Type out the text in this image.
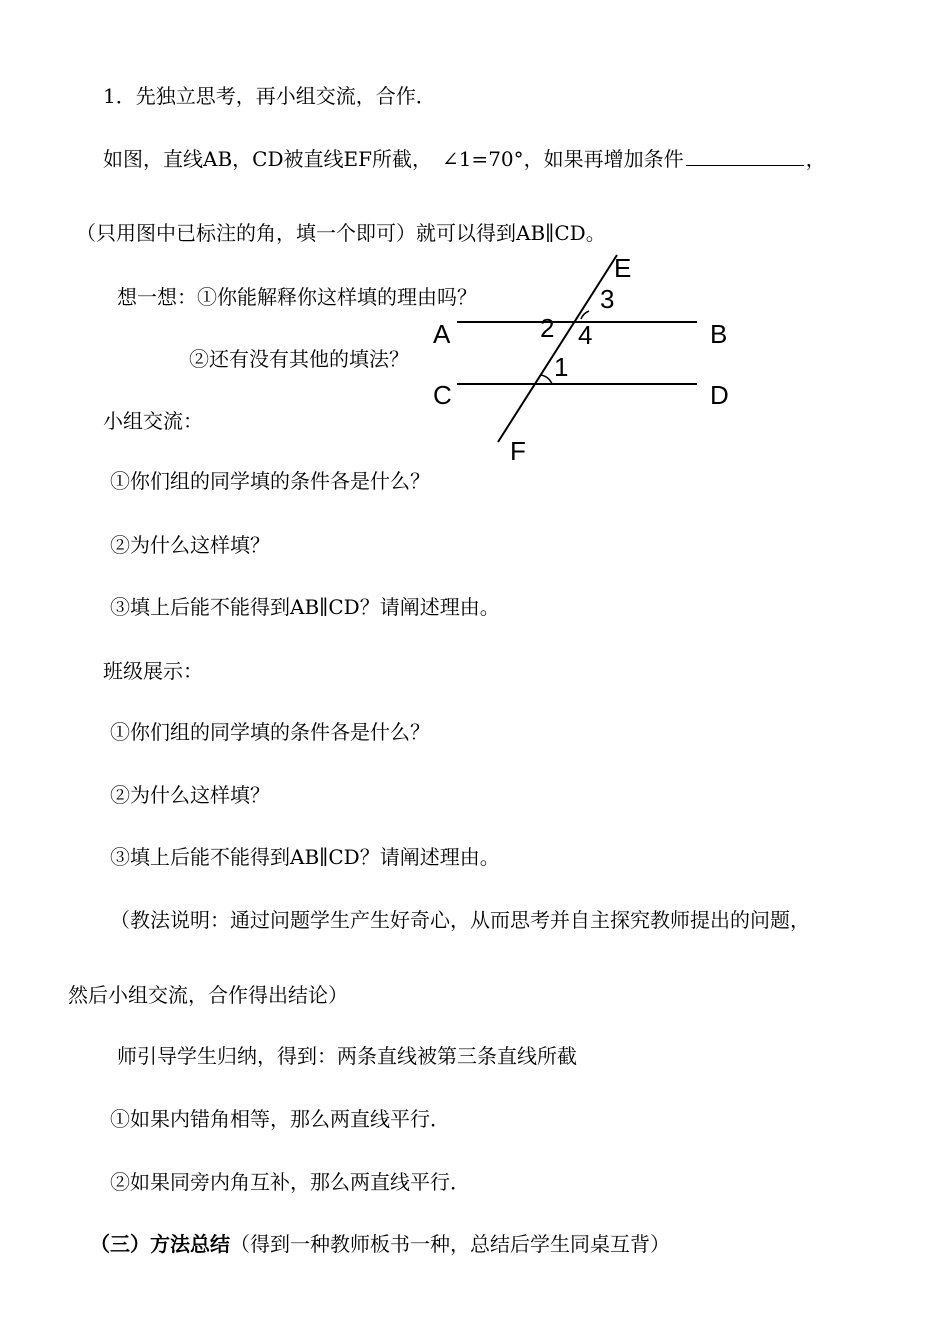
1．先独立思考，再小组交流，合作．
如图，直线AB，CD被直线EF所截，　∠1=70°，如果再增加条件	，
（只用图中已标注的角，填一个即可）就可以得到AB∥CD。
想一想：①你能解释你这样填的理由吗？
②还有没有其他的填法？
A	B
C	D
E
F
1
2
3
4
小组交流：
①你们组的同学填的条件各是什么？
②为什么这样填？
③填上后能不能得到AB∥CD？请阐述理由。
班级展示：
①你们组的同学填的条件各是什么？
②为什么这样填？
③填上后能不能得到AB∥CD？请阐述理由。
（教法说明：通过问题学生产生好奇心，从而思考并自主探究教师提出的问题，
然后小组交流，合作得出结论）
师引导学生归纳，得到：两条直线被第三条直线所截
①如果内错角相等，那么两直线平行．
②如果同旁内角互补，那么两直线平行．
（三）方法总结（得到一种教师板书一种，总结后学生同桌互背）
